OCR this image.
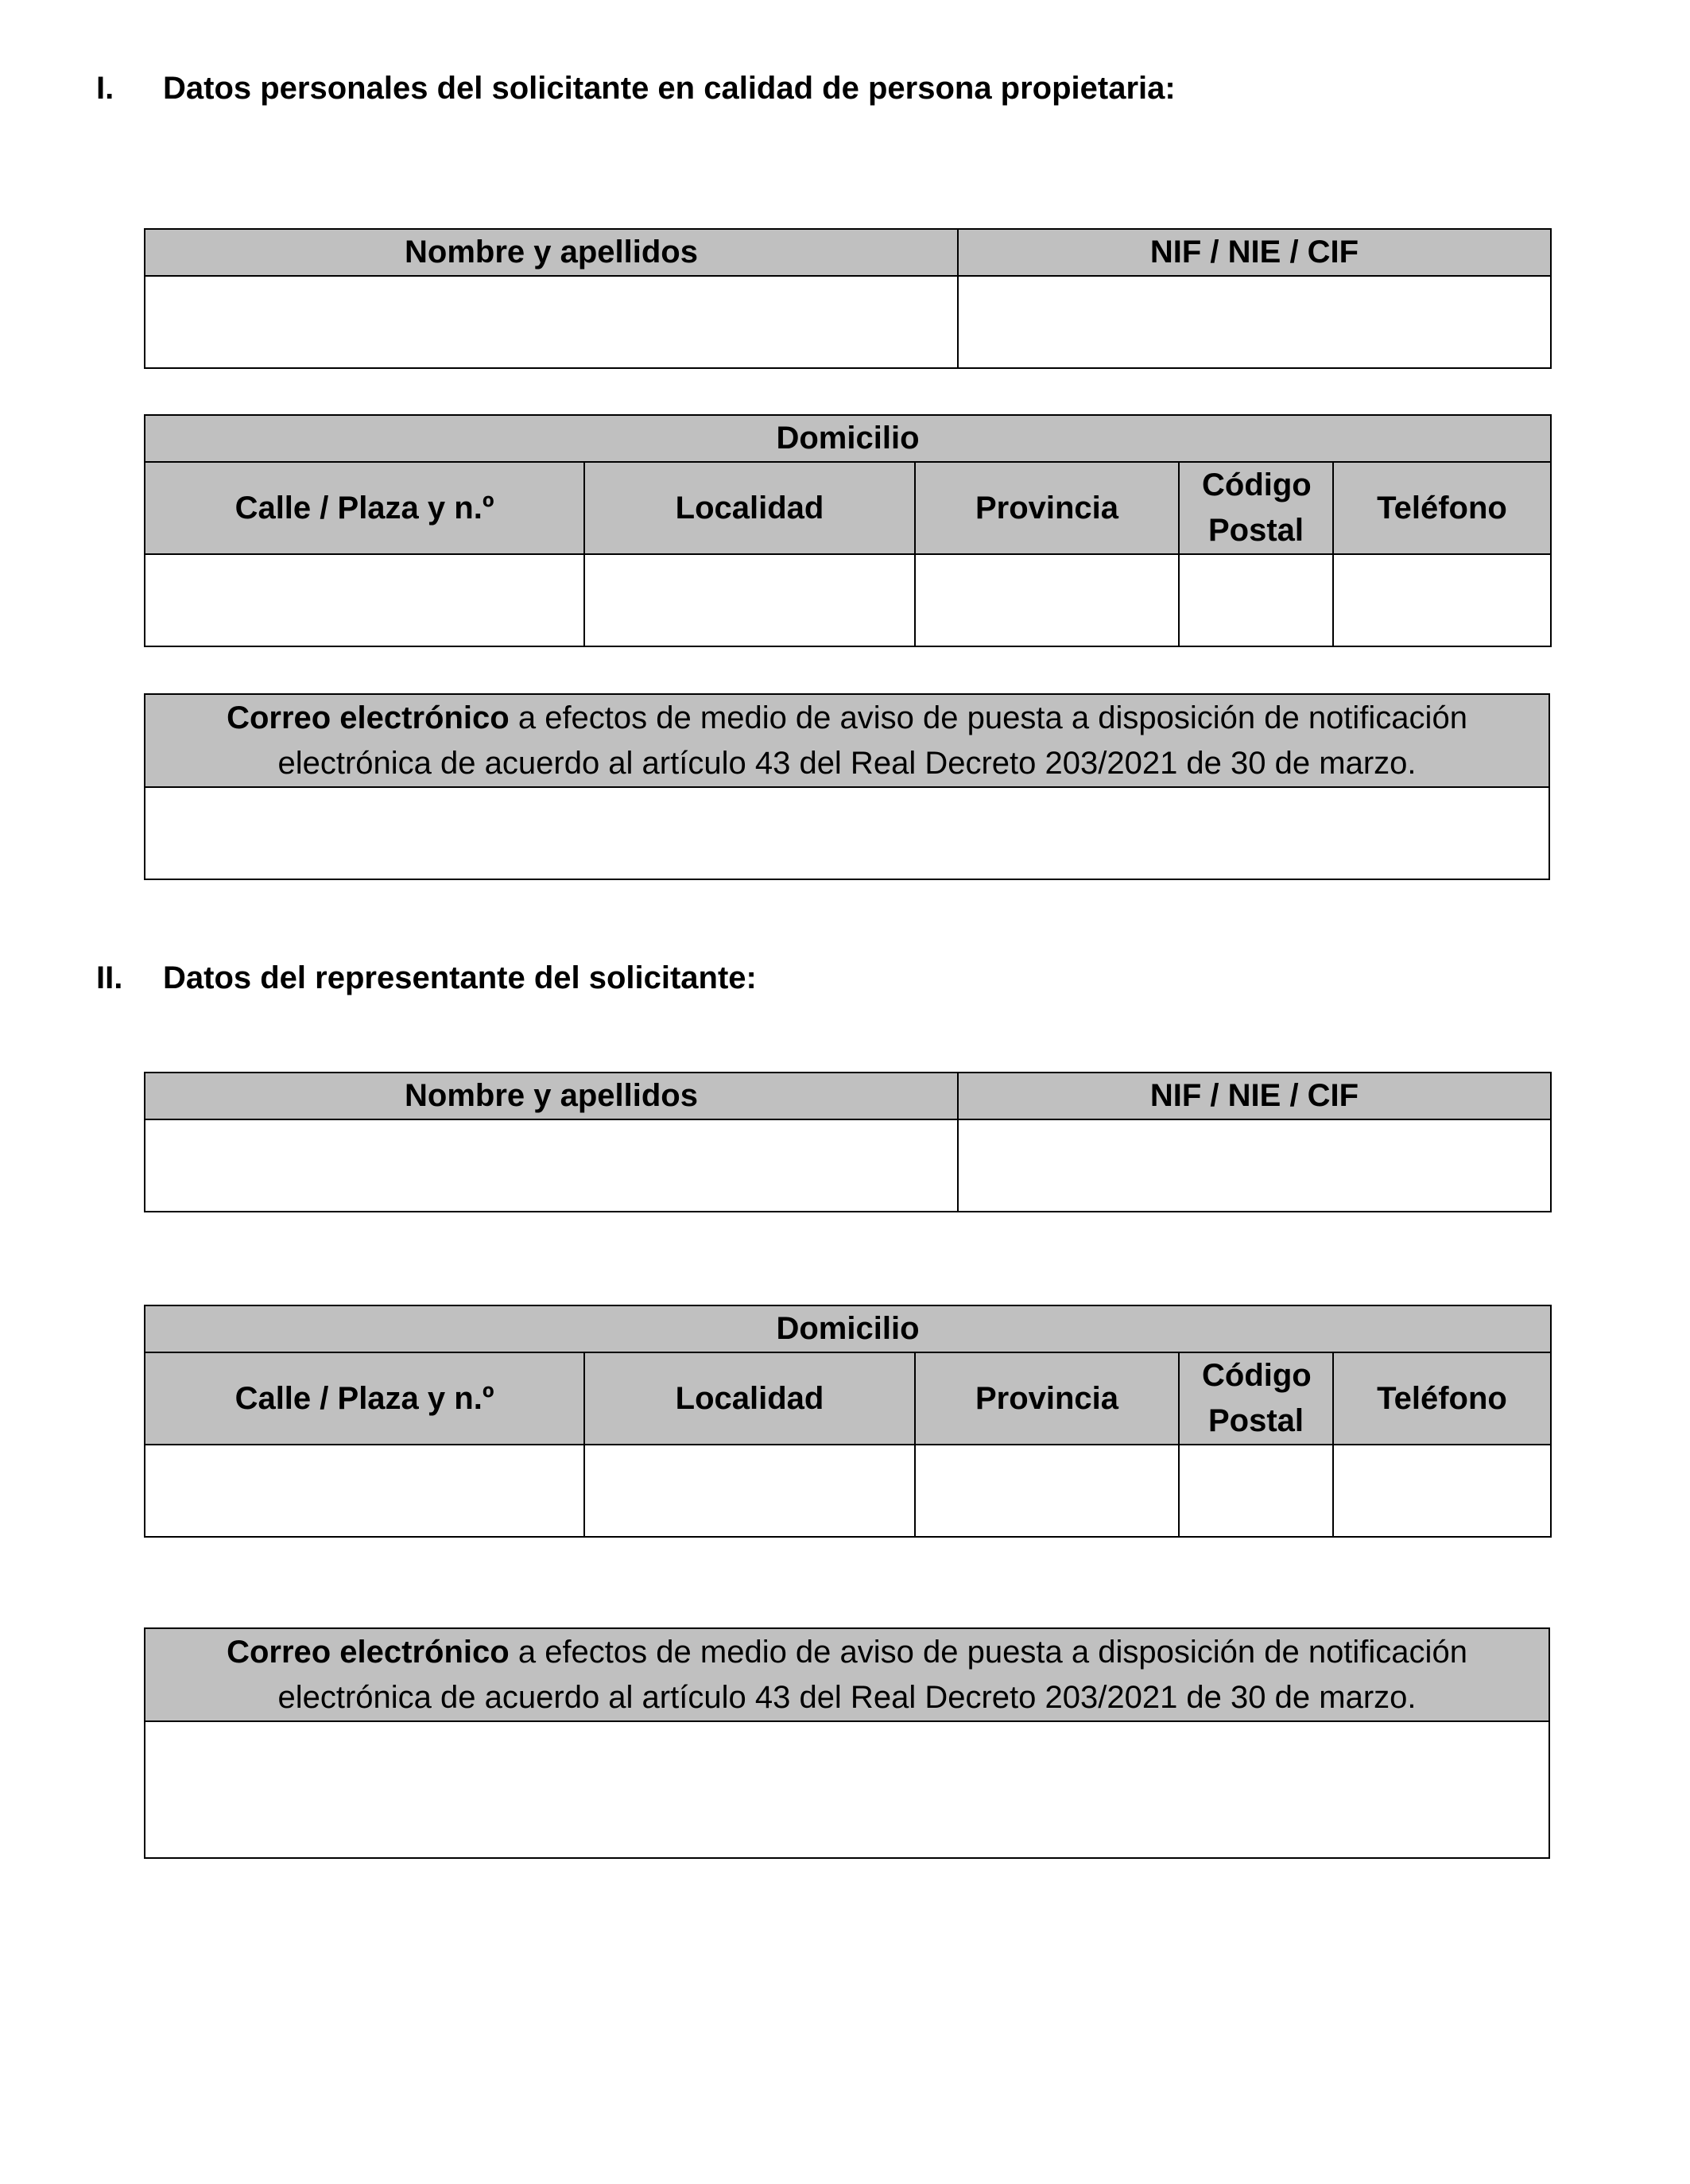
I. Datos personales del solicitante en calidad de persona propietaria:
Nombre y apellidos	NIF / NIE / CIF

Domicilio				
Calle / Plaza y n.º	Localidad	Provincia	Código Postal	Teléfono

Correo electrónico a efectos de medio de aviso de puesta a disposición de notificación
electrónica de acuerdo al artículo 43 del Real Decreto 203/2021 de 30 de marzo.

II. Datos del representante del solicitante:
Nombre y apellidos	NIF / NIE / CIF

Domicilio				
Calle / Plaza y n.º	Localidad	Provincia	Código Postal	Teléfono

Correo electrónico a efectos de medio de aviso de puesta a disposición de notificación
electrónica de acuerdo al artículo 43 del Real Decreto 203/2021 de 30 de marzo.
